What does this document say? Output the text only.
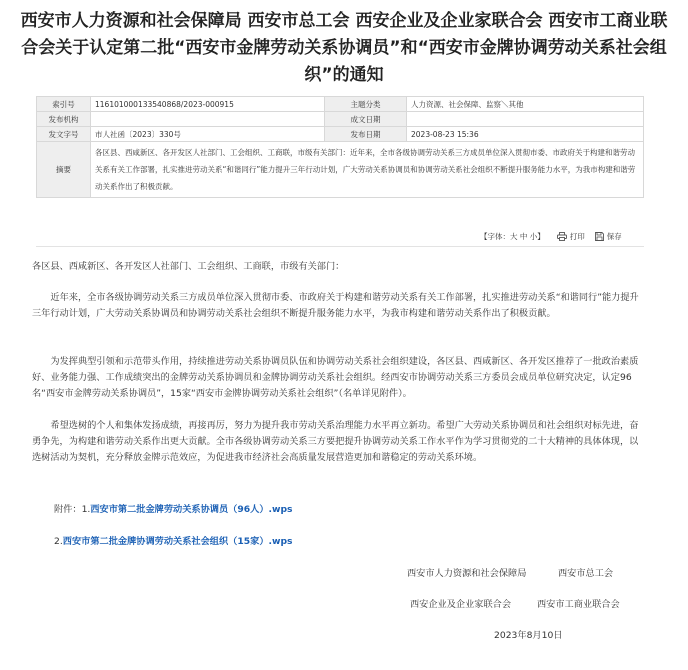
西安市人力资源和社会保障局 西安市总工会 西安企业及企业家联合会 西安市工商业联合会关于认定第二批“西安市金牌劳动关系协调员”和“西安市金牌协调劳动关系社会组织”的通知
索引号	11610100013354086​8/2023-000915	主题分类	人力资源、社会保障、监察＼其他
发布机构		成文日期	
发文字号	市人社函〔2023〕330号	发布日期	2023-08-23 15:36
摘要	各区县、西咸新区、各开发区人社部门、工会组织、工商联，市级有关部门：近年来，全市各级协调劳动关系三方成员单位深入贯彻市委、市政府关于构建和谐劳动关系有关工作部署，扎实推进劳动关系“和谐同行”能力提升三年行动计划，广大劳动关系协调员和协调劳动关系社会组织不断提升服务能力水平，为我市构建和谐劳动关系作出了积极贡献。		
【字体：大 中 小】	打印	保存

各区县、西咸新区、各开发区人社部门、工会组织、工商联，市级有关部门：

近年来，全市各级协调劳动关系三方成员单位深入贯彻市委、市政府关于构建和谐劳动关系有关工作部署，扎实推进劳动关系“和谐同行”能力提升三年行动计划，广大劳动关系协调员和协调劳动关系社会组织不断提升服务能力水平，为我市构建和谐劳动关系作出了积极贡献。

为发挥典型引领和示范带头作用，持续推进劳动关系协调员队伍和协调劳动关系社会组织建设，各区县、西咸新区、各开发区推荐了一批政治素质好、业务能力强、工作成绩突出的金牌劳动关系协调员和金牌协调劳动关系社会组织。经西安市协调劳动关系三方委员会成员单位研究决定，认定96名“西安市金牌劳动关系协调员”，15家“西安市金牌协调劳动关系社会组织”（名单详见附件）。

希望选树的个人和集体发扬成绩，再接再厉，努力为提升我市劳动关系治理能力水平再立新功。希望广大劳动关系协调员和社会组织对标先进，奋勇争先，为构建和谐劳动关系作出更大贡献。全市各级协调劳动关系三方要把提升协调劳动关系工作水平作为学习贯彻党的二十大精神的具体体现，以选树活动为契机，充分释放金牌示范效应，为促进我市经济社会高质量发展营造更加和谐稳定的劳动关系环境。

附件：1.西安市第二批金牌劳动关系协调员（96人）.wps
2.西安市第二批金牌协调劳动关系社会组织（15家）.wps
西安市人力资源和社会保障局	西安市总工会
西安企业及企业家联合会	西安市工商业联合会
2023年8月10日
